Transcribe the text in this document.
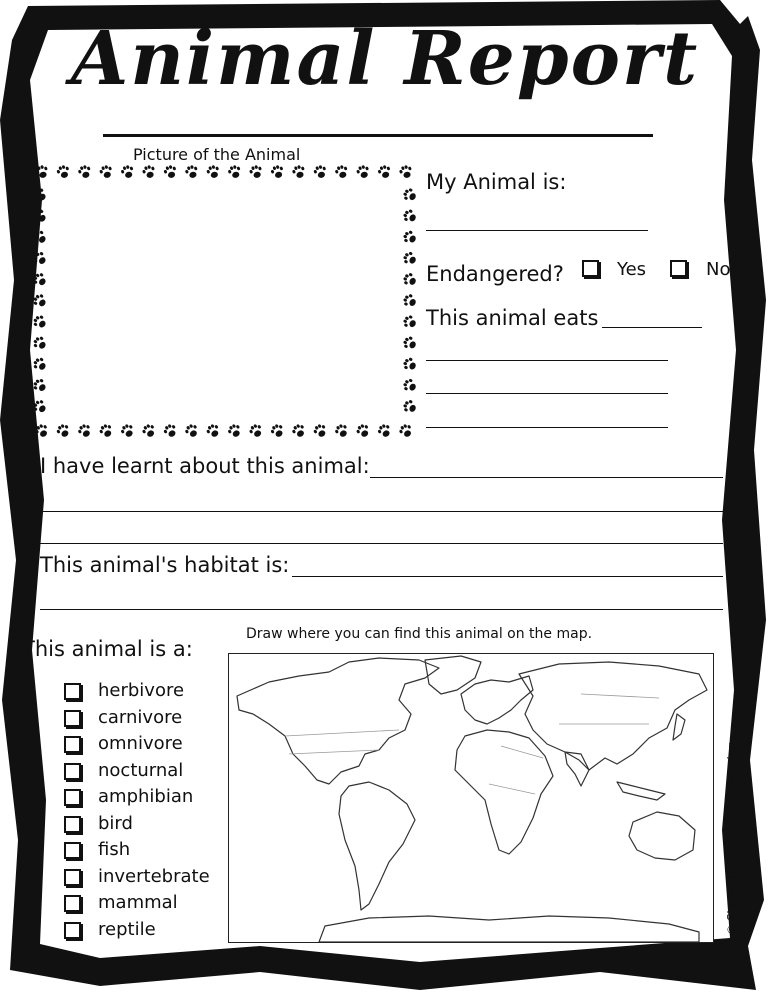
Animal Report
Picture of the Animal
My Animal is:
Endangered?	Yes	No
This animal eats
I have learnt about this animal:
This animal's habitat is:
This animal is a:
herbivore
carnivore
omnivore
nocturnal
amphibian
bird
fish
invertebrate
mammal
reptile
Draw where you can find this animal on the map.
© Simple Living. Creative Learning
